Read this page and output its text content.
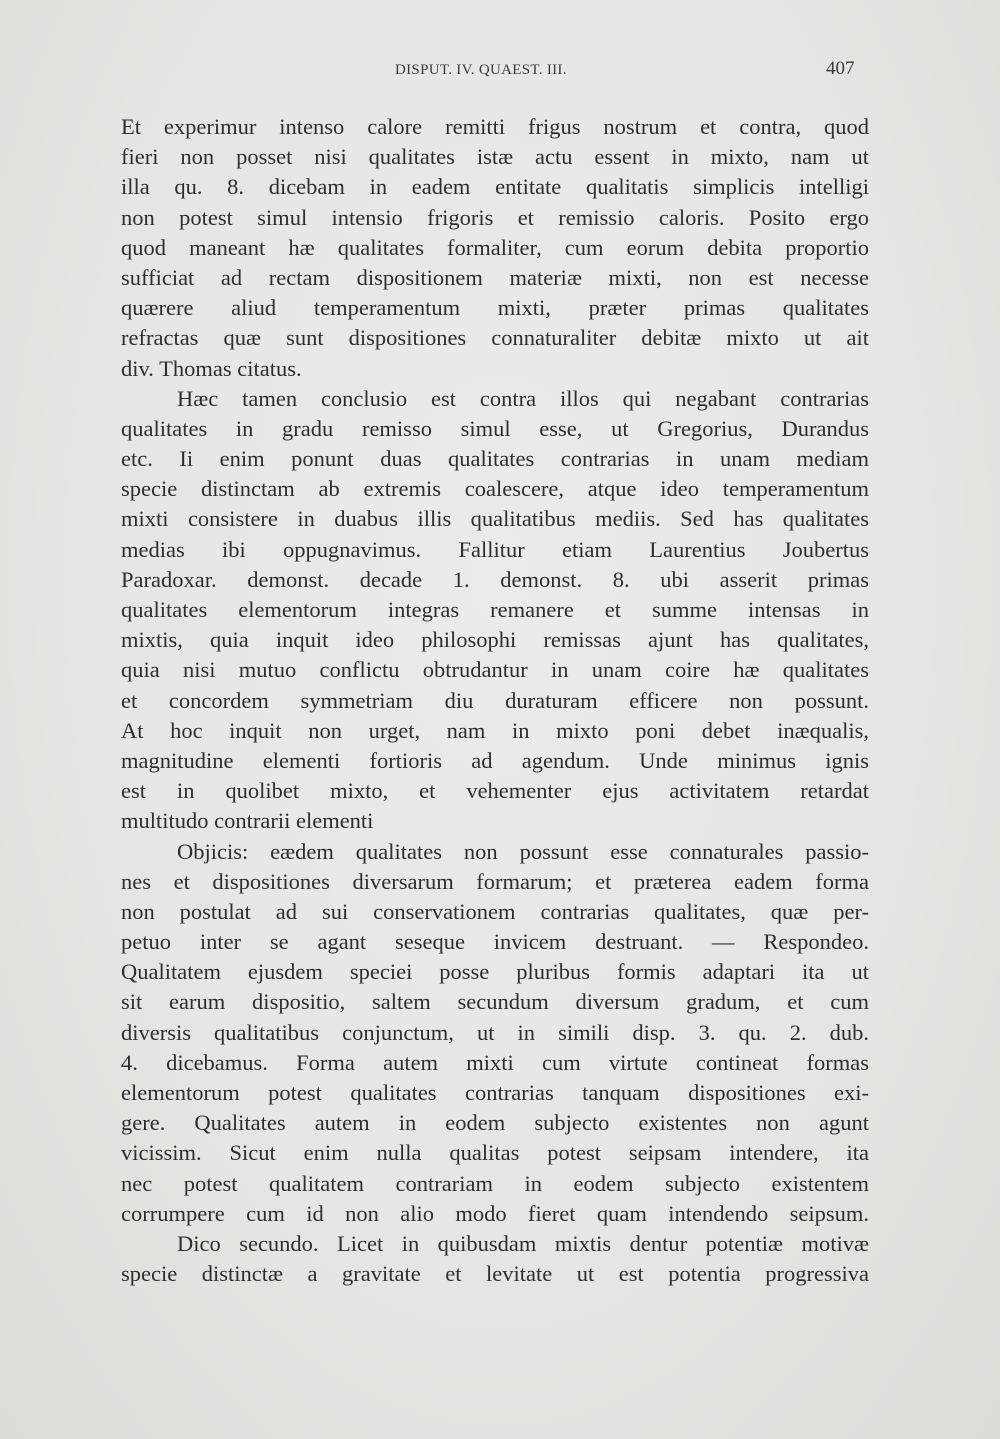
DISPUT. IV. QUAEST. III.	407
Et experimur intenso calore remitti frigus nostrum et contra, quod
fieri non posset nisi qualitates istæ actu essent in mixto, nam ut
illa qu. 8. dicebam in eadem entitate qualitatis simplicis intelligi
non potest simul intensio frigoris et remissio caloris. Posito ergo
quod maneant hæ qualitates formaliter, cum eorum debita proportio
sufficiat ad rectam dispositionem materiæ mixti, non est necesse
quærere aliud temperamentum mixti, præter primas qualitates
refractas quæ sunt dispositiones connaturaliter debitæ mixto ut ait
div. Thomas citatus.
Hæc tamen conclusio est contra illos qui negabant contrarias
qualitates in gradu remisso simul esse, ut Gregorius, Durandus
etc. Ii enim ponunt duas qualitates contrarias in unam mediam
specie distinctam ab extremis coalescere, atque ideo temperamentum
mixti consistere in duabus illis qualitatibus mediis. Sed has qualitates
medias ibi oppugnavimus. Fallitur etiam Laurentius Joubertus
Paradoxar. demonst. decade 1. demonst. 8. ubi asserit primas
qualitates elementorum integras remanere et summe intensas in
mixtis, quia inquit ideo philosophi remissas ajunt has qualitates,
quia nisi mutuo conflictu obtrudantur in unam coire hæ qualitates
et concordem symmetriam diu duraturam efficere non possunt.
At hoc inquit non urget, nam in mixto poni debet inæqualis,
magnitudine elementi fortioris ad agendum. Unde minimus ignis
est in quolibet mixto, et vehementer ejus activitatem retardat
multitudo contrarii elementi
Objicis: eædem qualitates non possunt esse connaturales passio-
nes et dispositiones diversarum formarum; et præterea eadem forma
non postulat ad sui conservationem contrarias qualitates, quæ per-
petuo inter se agant seseque invicem destruant. — Respondeo.
Qualitatem ejusdem speciei posse pluribus formis adaptari ita ut
sit earum dispositio, saltem secundum diversum gradum, et cum
diversis qualitatibus conjunctum, ut in simili disp. 3. qu. 2. dub.
4. dicebamus. Forma autem mixti cum virtute contineat formas
elementorum potest qualitates contrarias tanquam dispositiones exi-
gere. Qualitates autem in eodem subjecto existentes non agunt
vicissim. Sicut enim nulla qualitas potest seipsam intendere, ita
nec potest qualitatem contrariam in eodem subjecto existentem
corrumpere cum id non alio modo fieret quam intendendo seipsum.
Dico secundo. Licet in quibusdam mixtis dentur potentiæ motivæ
specie distinctæ a gravitate et levitate ut est potentia progressiva
